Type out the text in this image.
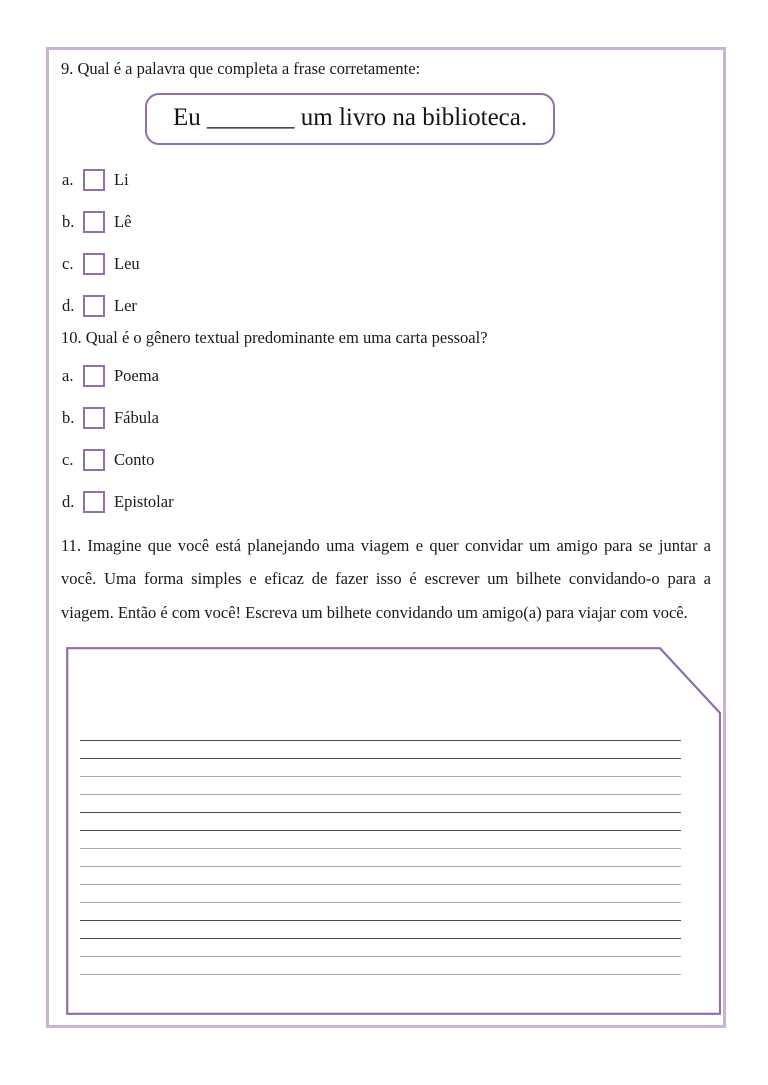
9. Qual é a palavra que completa a frase corretamente:

Eu _______ um livro na biblioteca.
a.	Li
b.	Lê
c.	Leu
d.	Ler

10. Qual é o gênero textual predominante em uma carta pessoal?

a.	Poema
b.	Fábula
c.	Conto
d.	Epistolar

11. Imagine que você está planejando uma viagem e quer convidar um amigo para se juntar a você. Uma forma simples e eficaz de fazer isso é escrever um bilhete convidando-o para a viagem. Então é com você! Escreva um bilhete convidando um amigo(a) para viajar com você.
